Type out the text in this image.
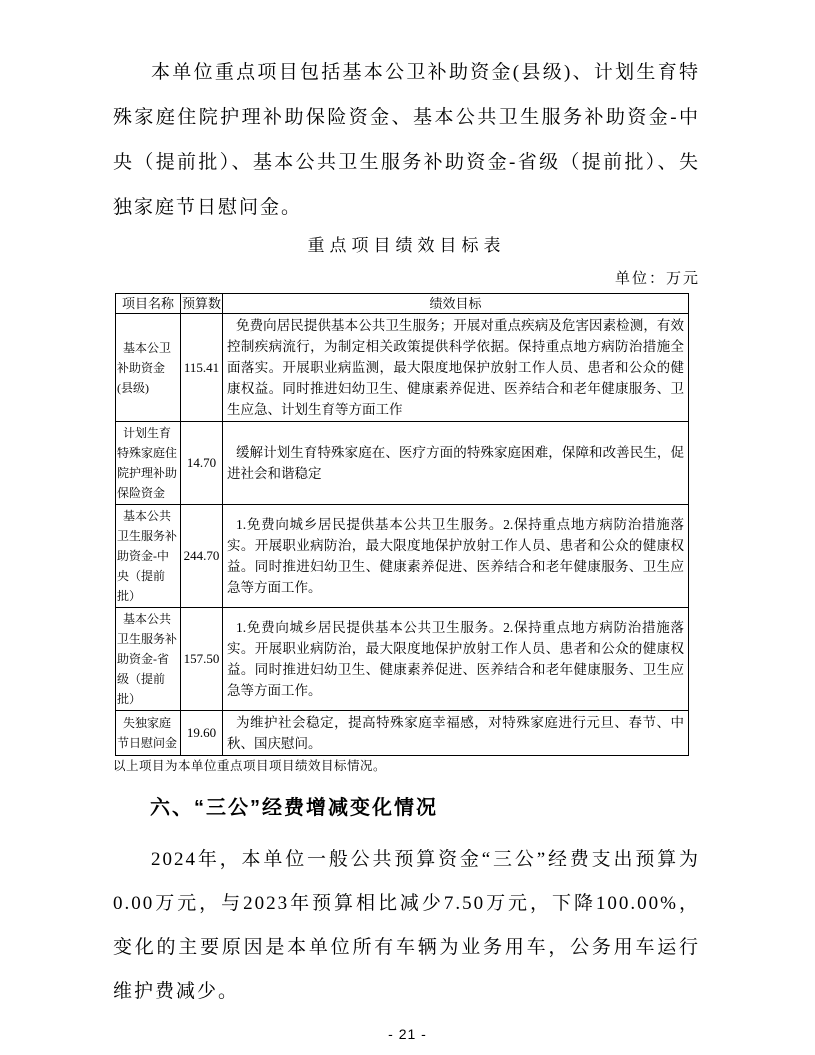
本单位重点项目包括基本公卫补助资金(县级)、计划生育特殊家庭住院护理补助保险资金、基本公共卫生服务补助资金-中央（提前批）、基本公共卫生服务补助资金-省级（提前批）、失独家庭节日慰问金。

重点项目绩效目标表
单位：万元
项目名称	预算数	绩效目标
基本公卫补助资金(县级)	115.41	免费向居民提供基本公共卫生服务；开展对重点疾病及危害因素检测，有效控制疾病流行，为制定相关政策提供科学依据。保持重点地方病防治措施全面落实。开展职业病监测，最大限度地保护放射工作人员、患者和公众的健康权益。同时推进妇幼卫生、健康素养促进、医养结合和老年健康服务、卫生应急、计划生育等方面工作
计划生育特殊家庭住院护理补助保险资金	14.70	缓解计划生育特殊家庭在、医疗方面的特殊家庭困难，保障和改善民生，促进社会和谐稳定
基本公共卫生服务补助资金-中央（提前批）	244.70	1.免费向城乡居民提供基本公共卫生服务。2.保持重点地方病防治措施落实。开展职业病防治，最大限度地保护放射工作人员、患者和公众的健康权益。同时推进妇幼卫生、健康素养促进、医养结合和老年健康服务、卫生应急等方面工作。
基本公共卫生服务补助资金-省级（提前批）	157.50	1.免费向城乡居民提供基本公共卫生服务。2.保持重点地方病防治措施落实。开展职业病防治，最大限度地保护放射工作人员、患者和公众的健康权益。同时推进妇幼卫生、健康素养促进、医养结合和老年健康服务、卫生应急等方面工作。
失独家庭节日慰问金	19.60	为维护社会稳定，提高特殊家庭幸福感，对特殊家庭进行元旦、春节、中秋、国庆慰问。

以上项目为本单位重点项目项目绩效目标情况。

六、“三公”经费增减变化情况

2024年，本单位一般公共预算资金“三公”经费支出预算为0.00万元，与2023年预算相比减少7.50万元，下降100.00%，变化的主要原因是本单位所有车辆为业务用车，公务用车运行维护费减少。

- 21 -
